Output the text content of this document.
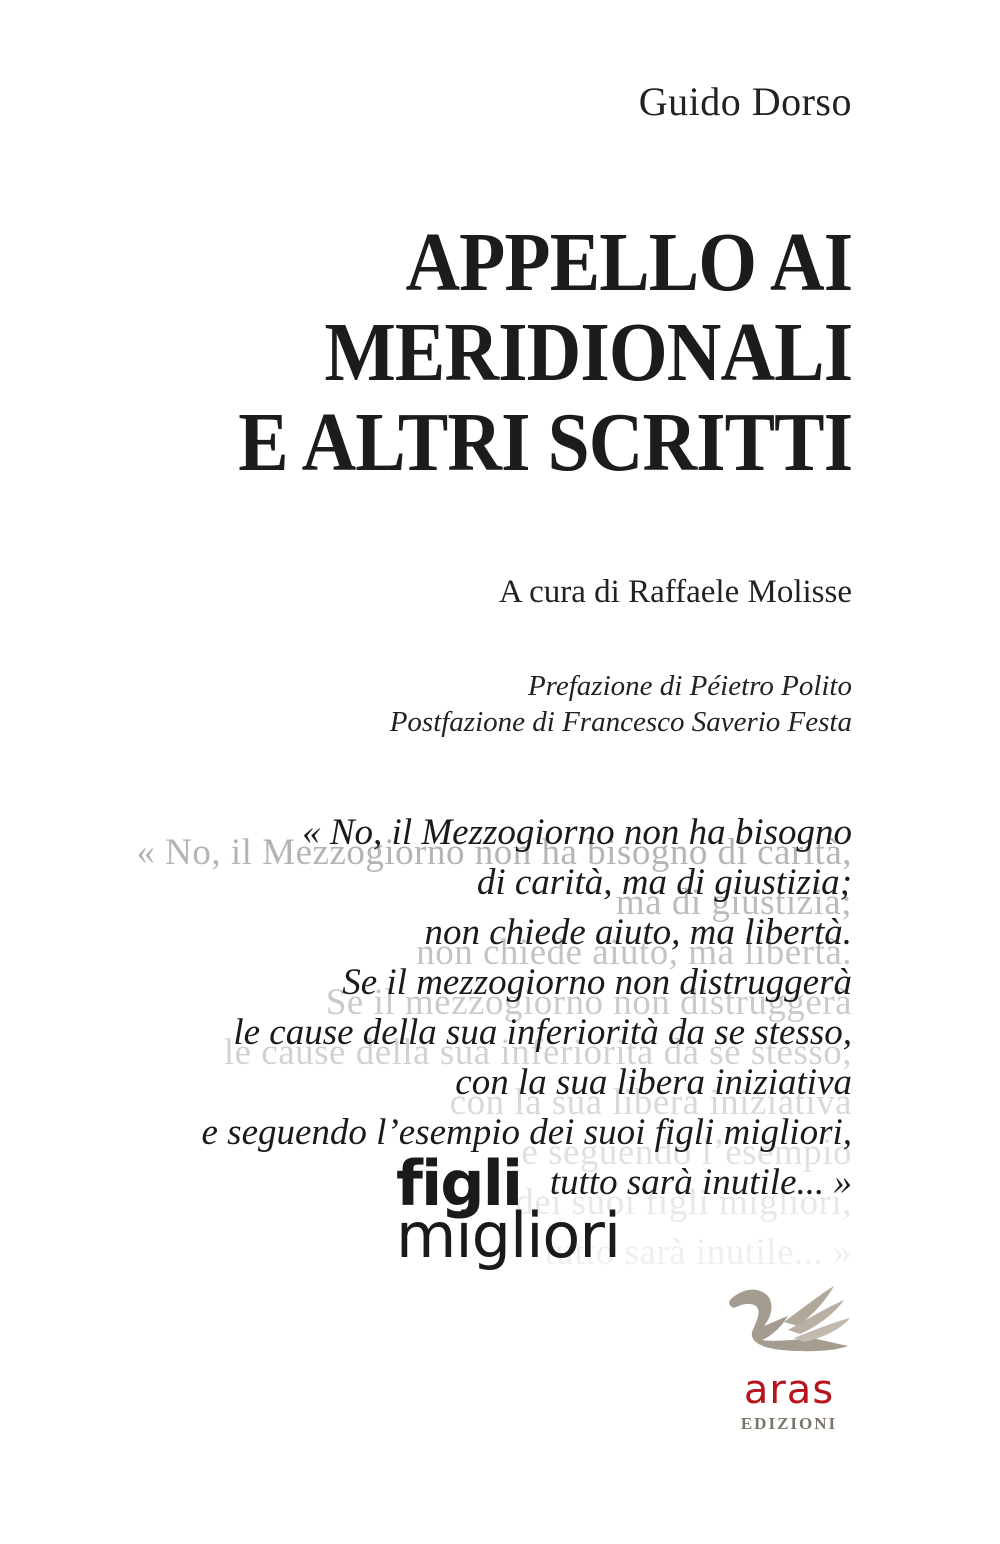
Guido Dorso
APPELLO AI
MERIDIONALI
E ALTRI SCRITTI
A cura di Raffaele Molisse
Prefazione di Péietro Polito
Postfazione di Francesco Saverio Festa
« No, il Mezzogiorno non ha bisogno di carità,
ma di giustizia;
non chiede aiuto, ma libertà.
Se il mezzogiorno non distruggerà
le cause della sua inferiorità da se stesso,
con la sua libera iniziativa
e seguendo l’esempio
dei suoi figli migliori,
tutto sarà inutile... »
« No, il Mezzogiorno non ha bisogno
di carità, ma di giustizia;
non chiede aiuto, ma libertà.
Se il mezzogiorno non distruggerà
le cause della sua inferiorità da se stesso,
con la sua libera iniziativa
e seguendo l’esempio dei suoi figli migliori,
tutto sarà inutile... »
figli
migliori
aras
EDIZIONI
